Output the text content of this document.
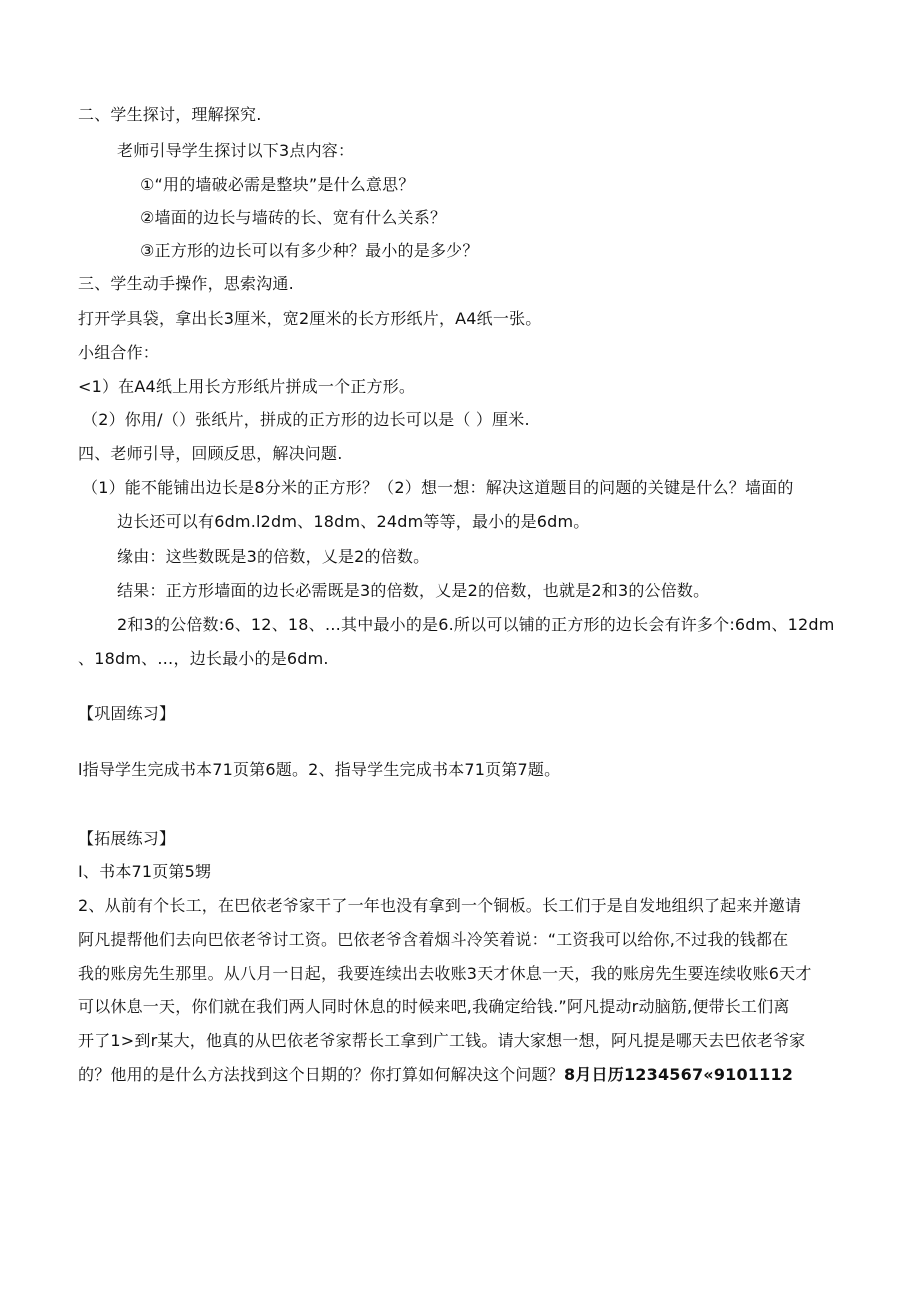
二、学生探讨，理解探究.
老师引导学生探讨以下3点内容：
①“用的墙破必需是整块”是什么意思？
②墙面的边长与墙砖的长、宽有什么关系？
③正方形的边长可以有多少种？最小的是多少？
三、学生动手操作，思索沟通.
打开学具袋，拿出长3厘米，宽2厘米的长方形纸片，A4纸一张。
小组合作：
<1）在A4纸上用长方形纸片拼成一个正方形。
（2）你用/（）张纸片，拼成的正方形的边长可以是（ ）厘米.
四、老师引导，回顾反思，解决问题.
（1）能不能铺出边长是8分米的正方形？（2）想一想：解决这道题目的问题的关键是什么？墙面的
边长还可以有6dm.l2dm、18dm、24dm等等，最小的是6dm。
缘由：这些数既是3的倍数，乂是2的倍数。
结果：正方形墙面的边长必需既是3的倍数，乂是2的倍数，也就是2和3的公倍数。
2和3的公倍数:6、12、18、…其中最小的是6.所以可以铺的正方形的边长会有许多个:6dm、12dm
、18dm、…，边长最小的是6dm.
【巩固练习】
l指导学生完成书本71页第6题。2、指导学生完成书本71页第7题。
【拓展练习】
I、书本71页第5甥
2、从前有个长工，在巴依老爷家干了一年也没有拿到一个铜板。长工们于是自发地组织了起来并邀请
阿凡提帮他们去向巴依老爷讨工资。巴依老爷含着烟斗冷笑着说：“工资我可以给你,不过我的钱都在
我的账房先生那里。从八月一日起，我要连续出去收账3天才休息一天，我的账房先生要连续收账6天才
可以休息一天，你们就在我们两人同时休息的时候来吧,我确定给钱.”阿凡提动r动脑筋,便带长工们离
开了1>到r某大，他真的从巴依老爷家帮长工拿到广工钱。请大家想一想，阿凡提是哪天去巴依老爷家
的？他用的是什么方法找到这个日期的？你打算如何解决这个问题？8月日历1234567«9101112
